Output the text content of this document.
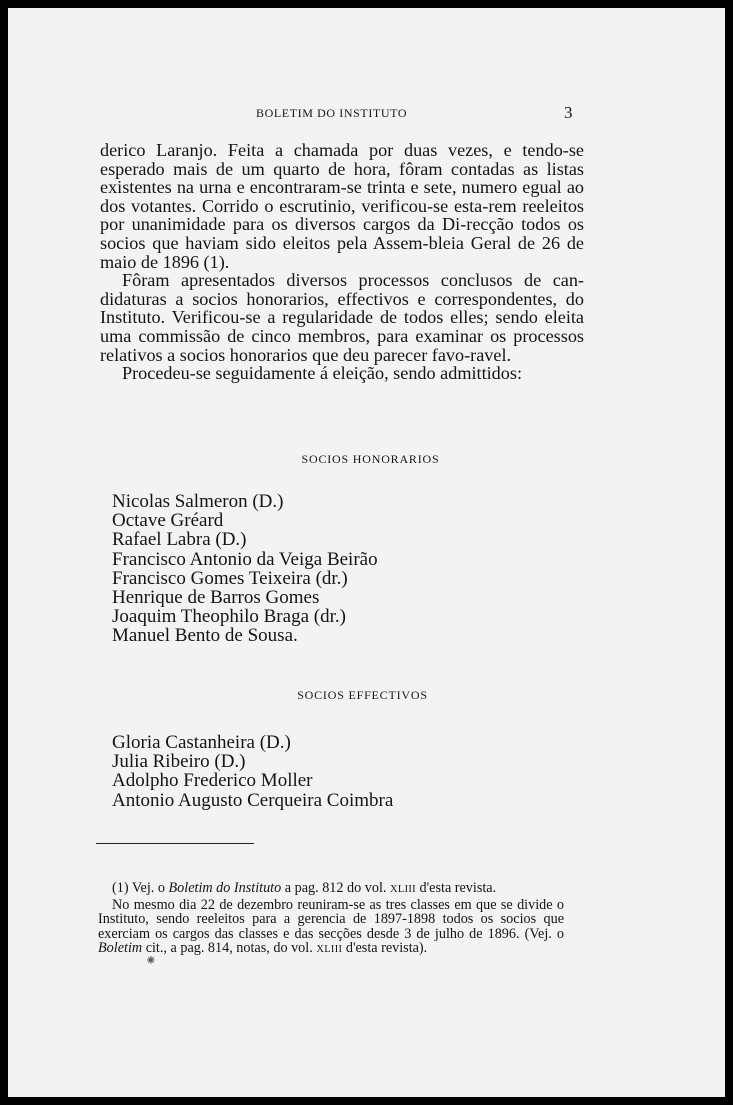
BOLETIM DO INSTITUTO	3

derico Laranjo. Feita a chamada por duas vezes, e tendo-se esperado mais de um quarto de hora, fôram contadas as listas existentes na urna e encontraram-se trinta e sete, numero egual ao dos votantes. Corrido o escrutinio, verificou-se esta-rem reeleitos por unanimidade para os diversos cargos da Di-recção todos os socios que haviam sido eleitos pela Assem-bleia Geral de 26 de maio de 1896 (1).

Fôram apresentados diversos processos conclusos de can-didaturas a socios honorarios, effectivos e correspondentes, do Instituto. Verificou-se a regularidade de todos elles; sendo eleita uma commissão de cinco membros, para examinar os processos relativos a socios honorarios que deu parecer favo-ravel.

Procedeu-se seguidamente á eleição, sendo admittidos:

SOCIOS HONORARIOS
Nicolas Salmeron (D.)
Octave Gréard
Rafael Labra (D.)
Francisco Antonio da Veiga Beirão
Francisco Gomes Teixeira (dr.)
Henrique de Barros Gomes
Joaquim Theophilo Braga (dr.)
Manuel Bento de Sousa.
SOCIOS EFFECTIVOS
Gloria Castanheira (D.)
Julia Ribeiro (D.)
Adolpho Frederico Moller
Antonio Augusto Cerqueira Coimbra

(1) Vej. o Boletim do Instituto a pag. 812 do vol. XLIII d'esta revista.

No mesmo dia 22 de dezembro reuniram-se as tres classes em que se divide o Instituto, sendo reeleitos para a gerencia de 1897-1898 todos os socios que exerciam os cargos das classes e das secções desde 3 de julho de 1896. (Vej. o Boletim cit., a pag. 814, notas, do vol. XLIII d'esta revista).

⁕
